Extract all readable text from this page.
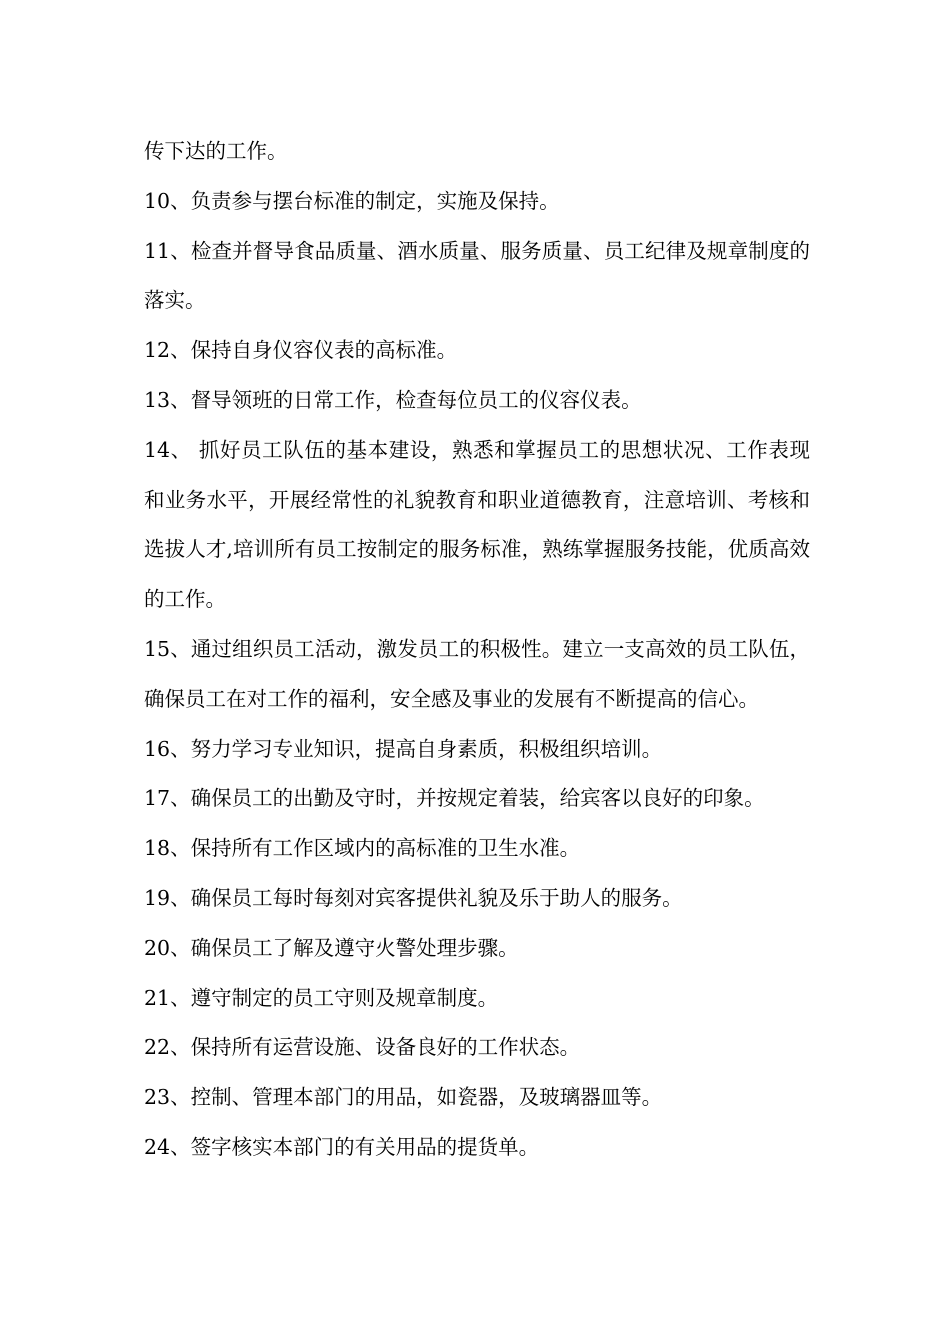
传下达的工作。

10、负责参与摆台标准的制定，实施及保持。

11、检查并督导食品质量、酒水质量、服务质量、员工纪律及规章制度的落实。

12、保持自身仪容仪表的高标准。

13、督导领班的日常工作，检查每位员工的仪容仪表。

14、 抓好员工队伍的基本建设，熟悉和掌握员工的思想状况、工作表现和业务水平，开展经常性的礼貌教育和职业道德教育，注意培训、考核和选拔人才,培训所有员工按制定的服务标准，熟练掌握服务技能，优质高效的工作。

15、通过组织员工活动，激发员工的积极性。建立一支高效的员工队伍，确保员工在对工作的福利，安全感及事业的发展有不断提高的信心。

16、努力学习专业知识，提高自身素质，积极组织培训。

17、确保员工的出勤及守时，并按规定着装，给宾客以良好的印象。

18、保持所有工作区域内的高标准的卫生水准。

19、确保员工每时每刻对宾客提供礼貌及乐于助人的服务。

20、确保员工了解及遵守火警处理步骤。

21、遵守制定的员工守则及规章制度。

22、保持所有运营设施、设备良好的工作状态。

23、控制、管理本部门的用品，如瓷器，及玻璃器皿等。

24、签字核实本部门的有关用品的提货单。
